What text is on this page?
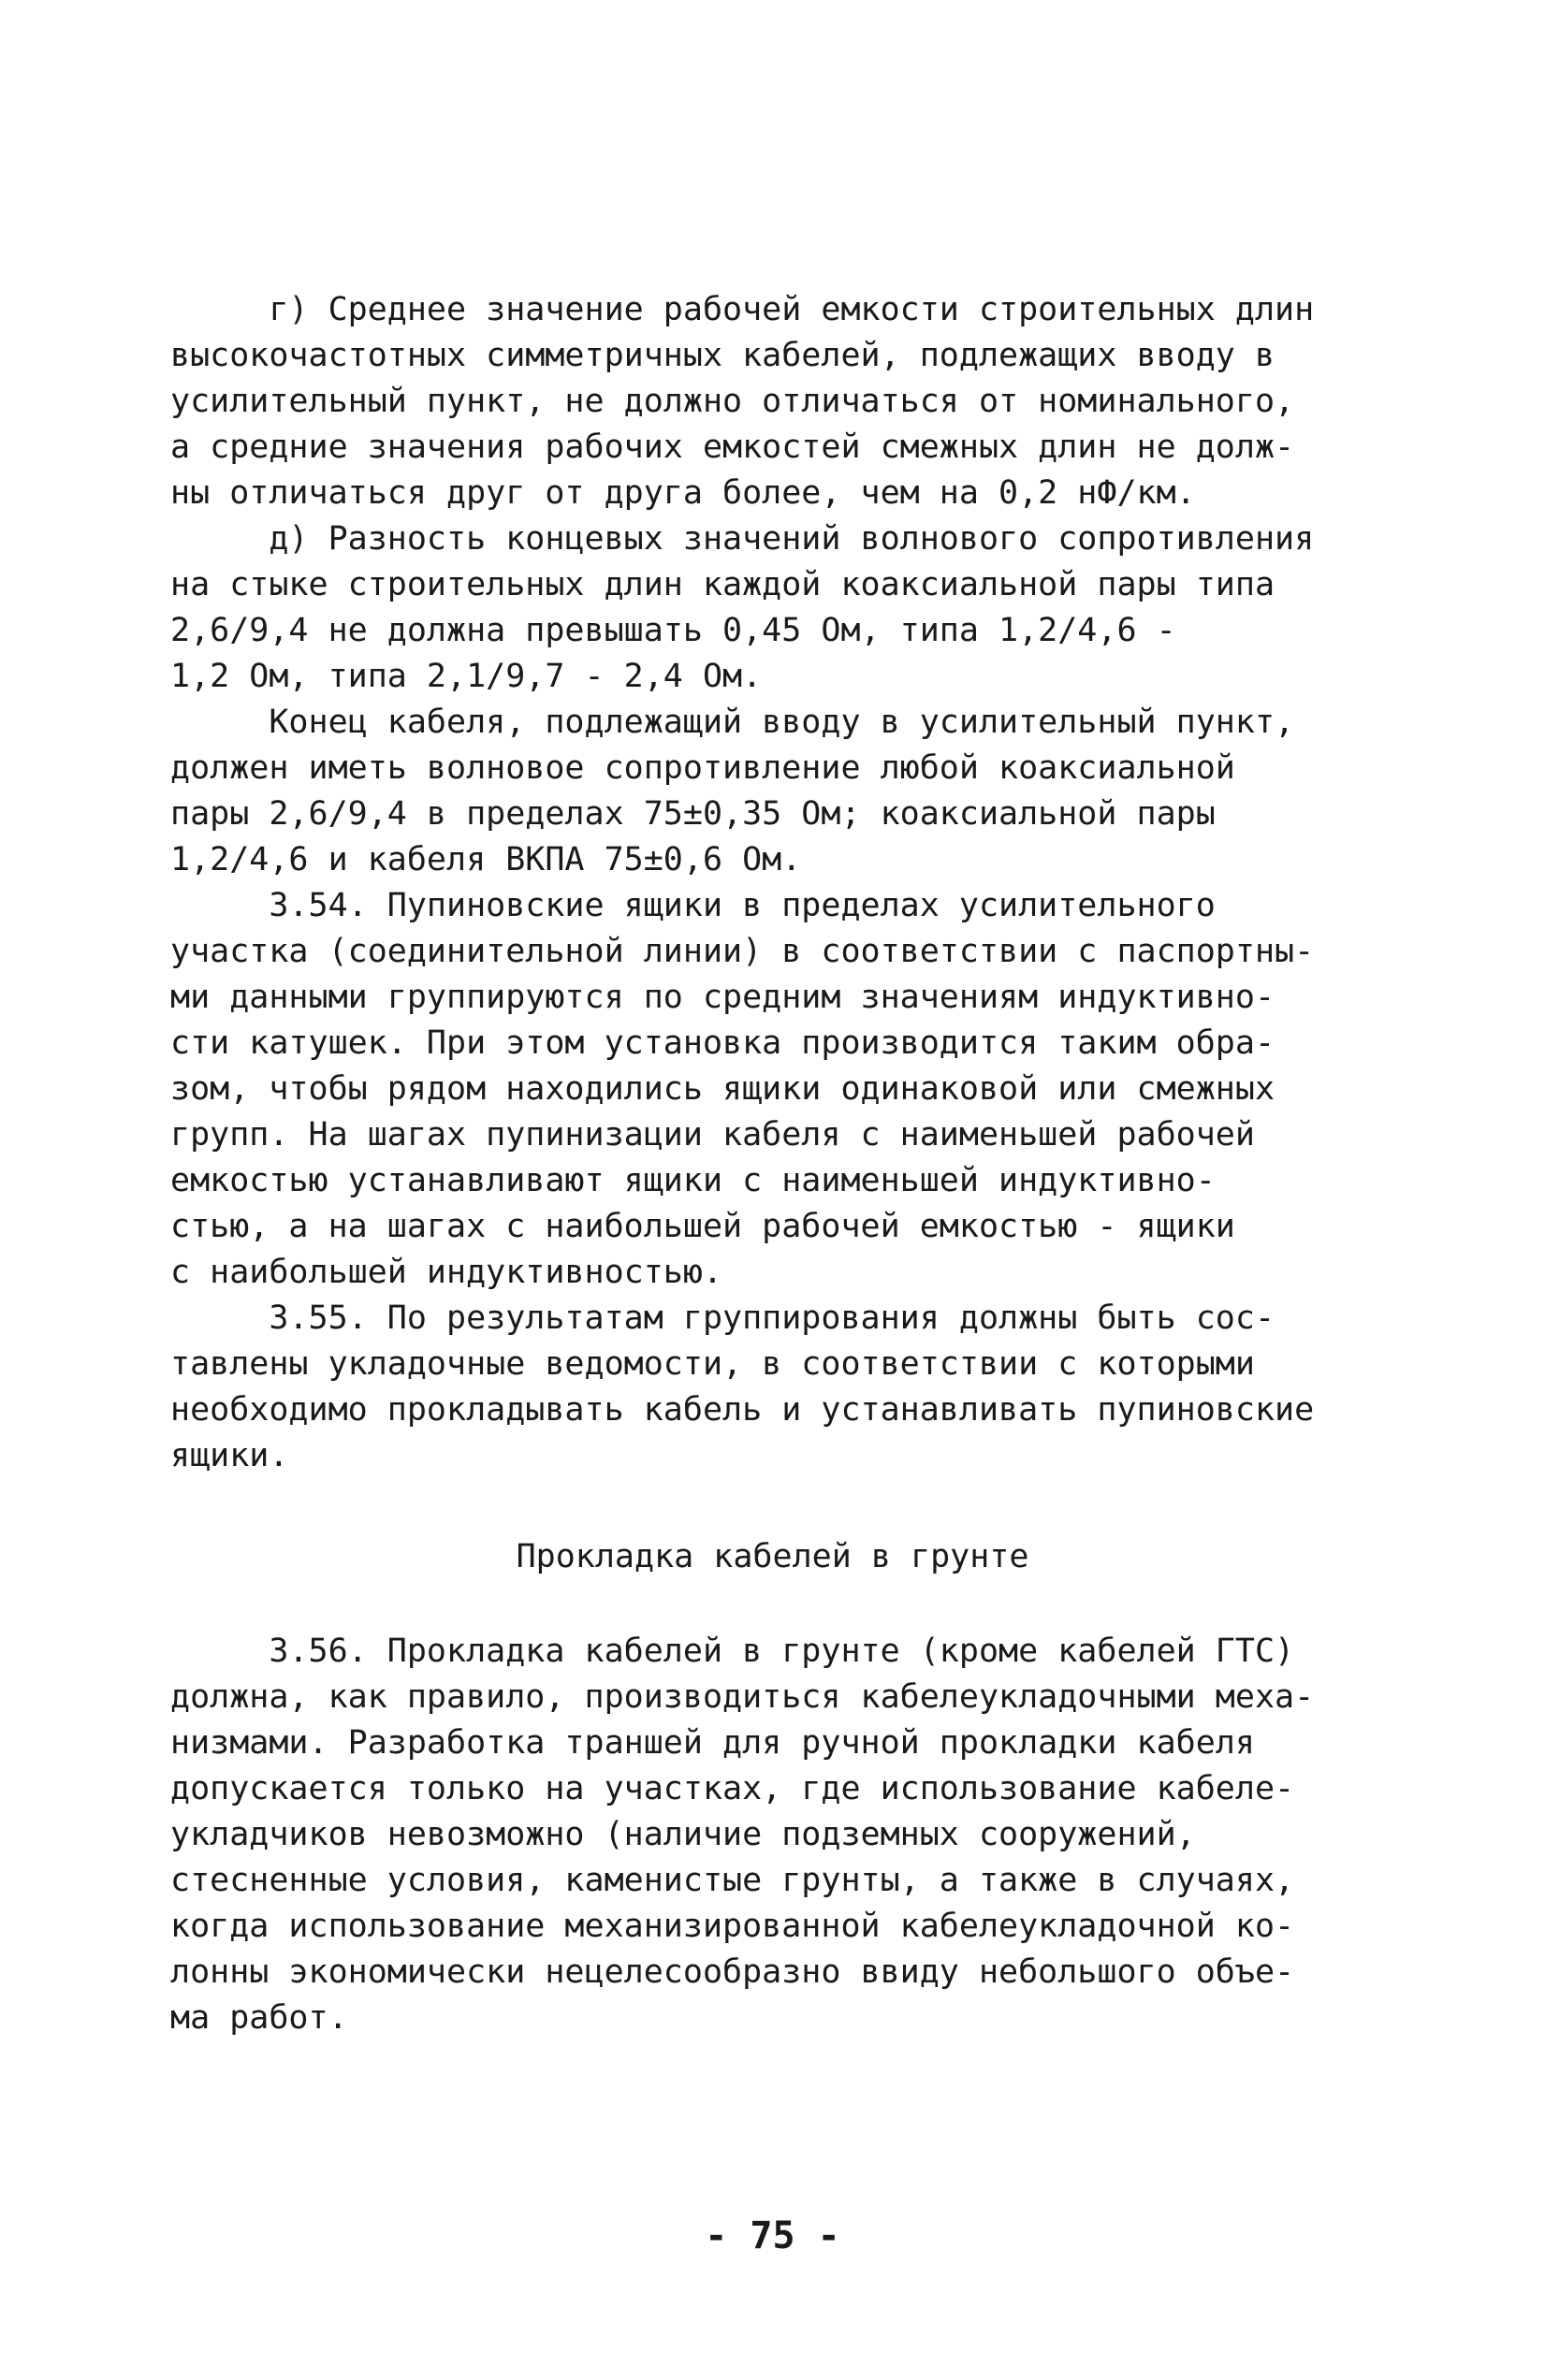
г) Среднее значение рабочей емкости строительных длин
высокочастотных симметричных кабелей, подлежащих вводу в
усилительный пункт, не должно отличаться от номинального,
а средние значения рабочих емкостей смежных длин не долж-
ны отличаться друг от друга более, чем на 0,2 нФ/км.
д) Разность концевых значений волнового сопротивления
на стыке строительных длин каждой коаксиальной пары типа
2,6/9,4 не должна превышать 0,45 Ом, типа 1,2/4,6 -
1,2 Ом, типа 2,1/9,7 - 2,4 Ом.
Конец кабеля, подлежащий вводу в усилительный пункт,
должен иметь волновое сопротивление любой коаксиальной
пары 2,6/9,4 в пределах 75±0,35 Ом; коаксиальной пары
1,2/4,6 и кабеля ВКПА 75±0,6 Ом.
3.54. Пупиновские ящики в пределах усилительного
участка (соединительной линии) в соответствии с паспортны-
ми данными группируются по средним значениям индуктивно-
сти катушек. При этом установка производится таким обра-
зом, чтобы рядом находились ящики одинаковой или смежных
групп. На шагах пупинизации кабеля с наименьшей рабочей
емкостью устанавливают ящики с наименьшей индуктивно-
стью, а на шагах с наибольшей рабочей емкостью - ящики
с наибольшей индуктивностью.
3.55. По результатам группирования должны быть сос-
тавлены укладочные ведомости, в соответствии с которыми
необходимо прокладывать кабель и устанавливать пупиновские
ящики.
Прокладка кабелей в грунте
3.56. Прокладка кабелей в грунте (кроме кабелей ГТС)
должна, как правило, производиться кабелеукладочными меха-
низмами. Разработка траншей для ручной прокладки кабеля
допускается только на участках, где использование кабеле-
укладчиков невозможно (наличие подземных сооружений,
стесненные условия, каменистые грунты, а также в случаях,
когда использование механизированной кабелеукладочной ко-
лонны экономически нецелесообразно ввиду небольшого объе-
ма работ.
- 75 -
